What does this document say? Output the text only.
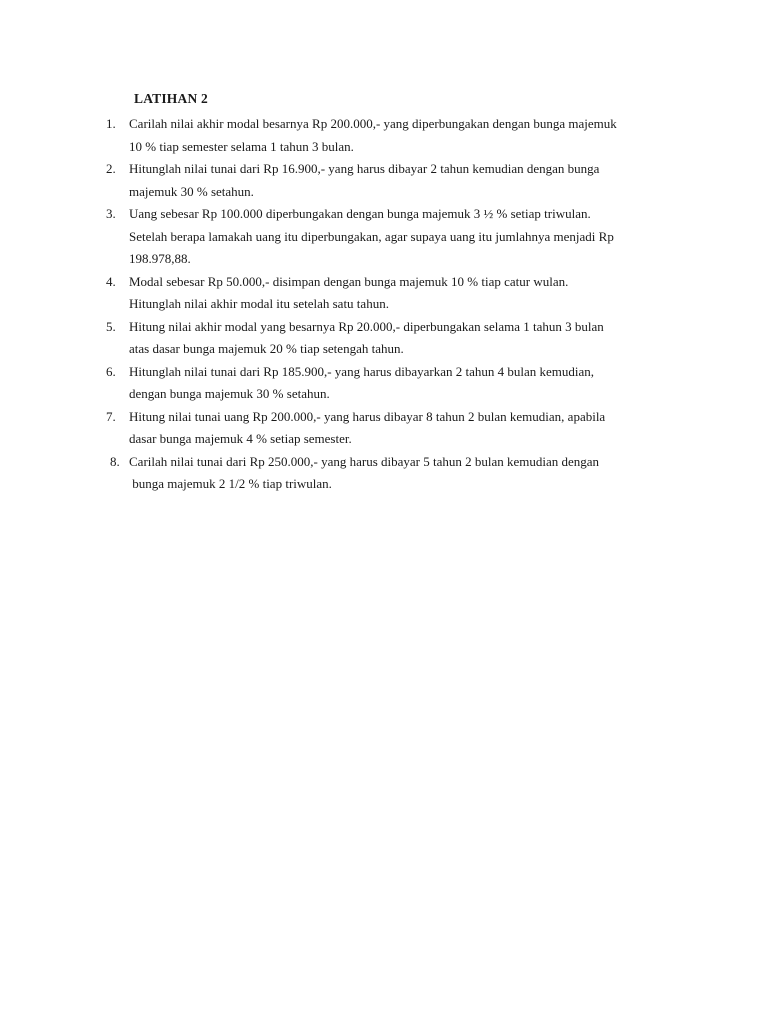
LATIHAN 2
1. Carilah nilai akhir modal besarnya Rp 200.000,- yang diperbungakan dengan bunga majemuk
10 % tiap semester selama 1 tahun 3 bulan.
2. Hitunglah nilai tunai dari Rp 16.900,- yang harus dibayar 2 tahun kemudian dengan bunga
majemuk 30 % setahun.
3. Uang sebesar Rp 100.000 diperbungakan dengan bunga majemuk 3 ½ % setiap triwulan.
Setelah berapa lamakah uang itu diperbungakan, agar supaya uang itu jumlahnya menjadi Rp
198.978,88.
4. Modal sebesar Rp 50.000,- disimpan dengan bunga majemuk 10 % tiap catur wulan.
Hitunglah nilai akhir modal itu setelah satu tahun.
5. Hitung nilai akhir modal yang besarnya Rp 20.000,- diperbungakan selama 1 tahun 3 bulan
atas dasar bunga majemuk 20 % tiap setengah tahun.
6. Hitunglah nilai tunai dari Rp 185.900,- yang harus dibayarkan 2 tahun 4 bulan kemudian,
dengan bunga majemuk 30 % setahun.
7. Hitung nilai tunai uang Rp 200.000,- yang harus dibayar 8 tahun 2 bulan kemudian, apabila
dasar bunga majemuk 4 % setiap semester.
8. Carilah nilai tunai dari Rp 250.000,- yang harus dibayar 5 tahun 2 bulan kemudian dengan
bunga majemuk 2 1/2 % tiap triwulan.
